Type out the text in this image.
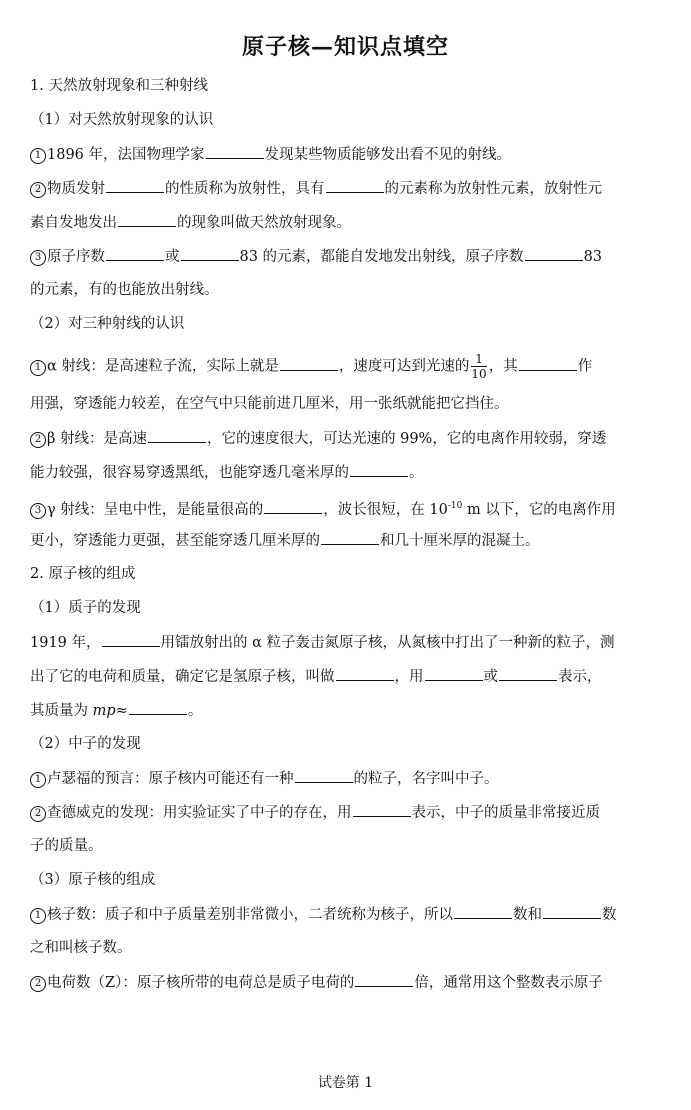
原子核—知识点填空
1. 天然放射现象和三种射线
（1）对天然放射现象的认识
1 1896 年，法国物理学家	发现某些物质能够发出看不见的射线。
2 物质发射	的性质称为放射性，具有	的元素称为放射性元素，放射性元
素自发地发出	的现象叫做天然放射现象。
3 原子序数	或	83 的元素，都能自发地发出射线，原子序数	83
的元素，有的也能放出射线。
（2）对三种射线的认识
1 α 射线：是高速粒子流，实际上就是	，速度可达到光速的 $\frac{1}{10}$ ，其	作
用强，穿透能力较差，在空气中只能前进几厘米，用一张纸就能把它挡住。
2 β 射线：是高速	，它的速度很大，可达光速的 99%，它的电离作用较弱，穿透
能力较强，很容易穿透黑纸，也能穿透几毫米厚的	。
3 γ 射线：呈电中性，是能量很高的	，波长很短，在 $10^{-10}$ m 以下，它的电离作用
更小，穿透能力更强，甚至能穿透几厘米厚的	和几十厘米厚的混凝土。
2. 原子核的组成
（1）质子的发现
1919 年，	用镭放射出的 α 粒子轰击氮原子核，从氮核中打出了一种新的粒子，测
出了它的电荷和质量，确定它是氢原子核，叫做	，用	或	表示，
其质量为 mp≈	。
（2）中子的发现
1 卢瑟福的预言：原子核内可能还有一种	的粒子，名字叫中子。
2 查德威克的发现：用实验证实了中子的存在，用	表示，中子的质量非常接近质
子的质量。
（3）原子核的组成
1 核子数：质子和中子质量差别非常微小，二者统称为核子，所以	数和	数
之和叫核子数。
2 电荷数（Z）：原子核所带的电荷总是质子电荷的	倍，通常用这个整数表示原子
试卷第 1
